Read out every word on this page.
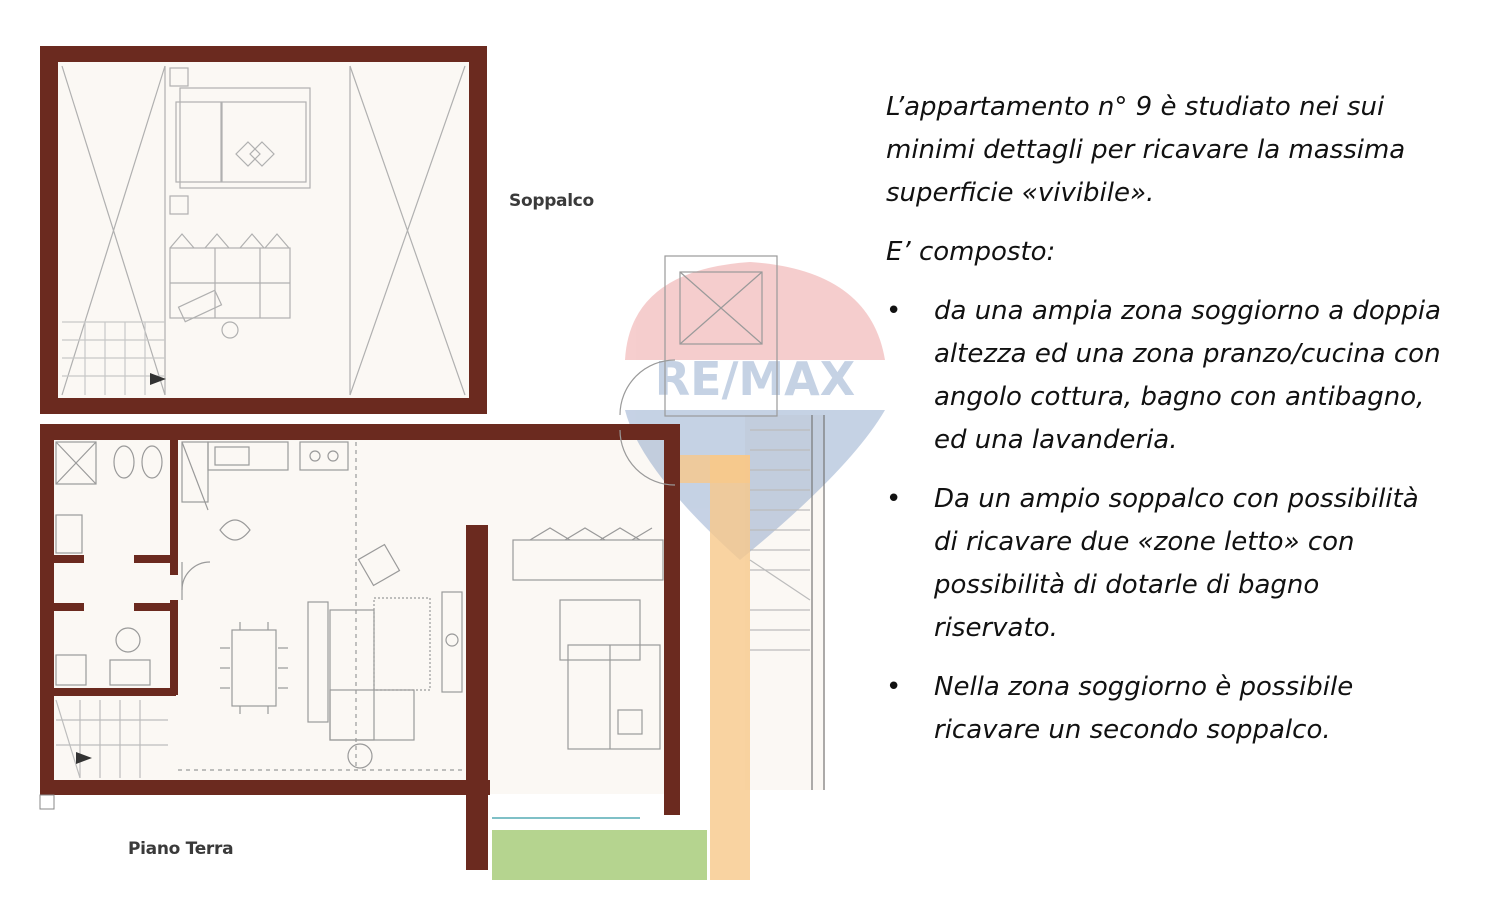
RE/MAX
Soppalco
Piano Terra

L’appartamento n° 9 è studiato nei sui minimi dettagli per ricavare la massima superficie «vivibile».

E’ composto:

• da una ampia zona soggiorno a doppia altezza ed una zona pranzo/cucina con angolo cottura, bagno con antibagno, ed una lavanderia.
• Da un ampio soppalco con possibilità di ricavare due «zone letto» con possibilità di dotarle di bagno riservato.
• Nella zona soggiorno è possibile ricavare un secondo soppalco.
